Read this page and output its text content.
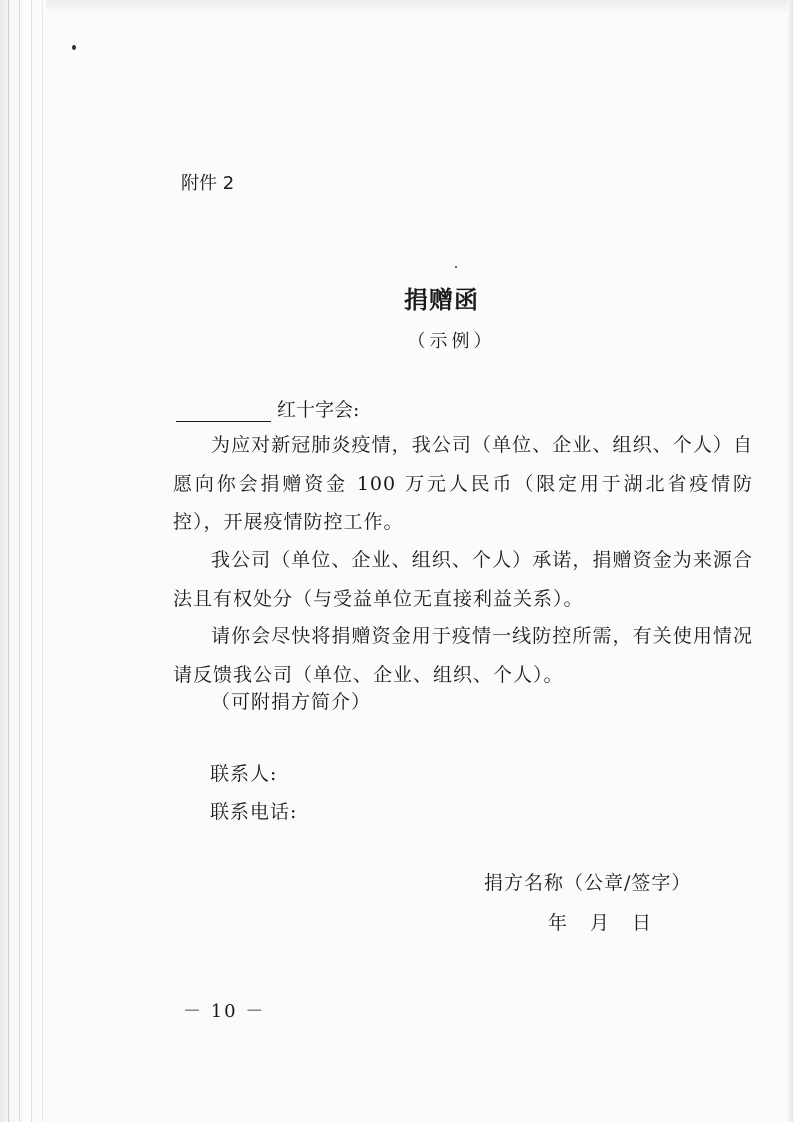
附件 2
捐赠函
（示例）
红十字会:
为应对新冠肺炎疫情，我公司（单位、企业、组织、个人）自愿向你会捐赠资金 100 万元人民币（限定用于湖北省疫情防控），开展疫情防控工作。
我公司（单位、企业、组织、个人）承诺，捐赠资金为来源合法且有权处分（与受益单位无直接利益关系）。
请你会尽快将捐赠资金用于疫情一线防控所需，有关使用情况请反馈我公司（单位、企业、组织、个人）。
（可附捐方简介）
联系人:
联系电话:
捐方名称（公章/签字）
年　月　日
－ 10 －
